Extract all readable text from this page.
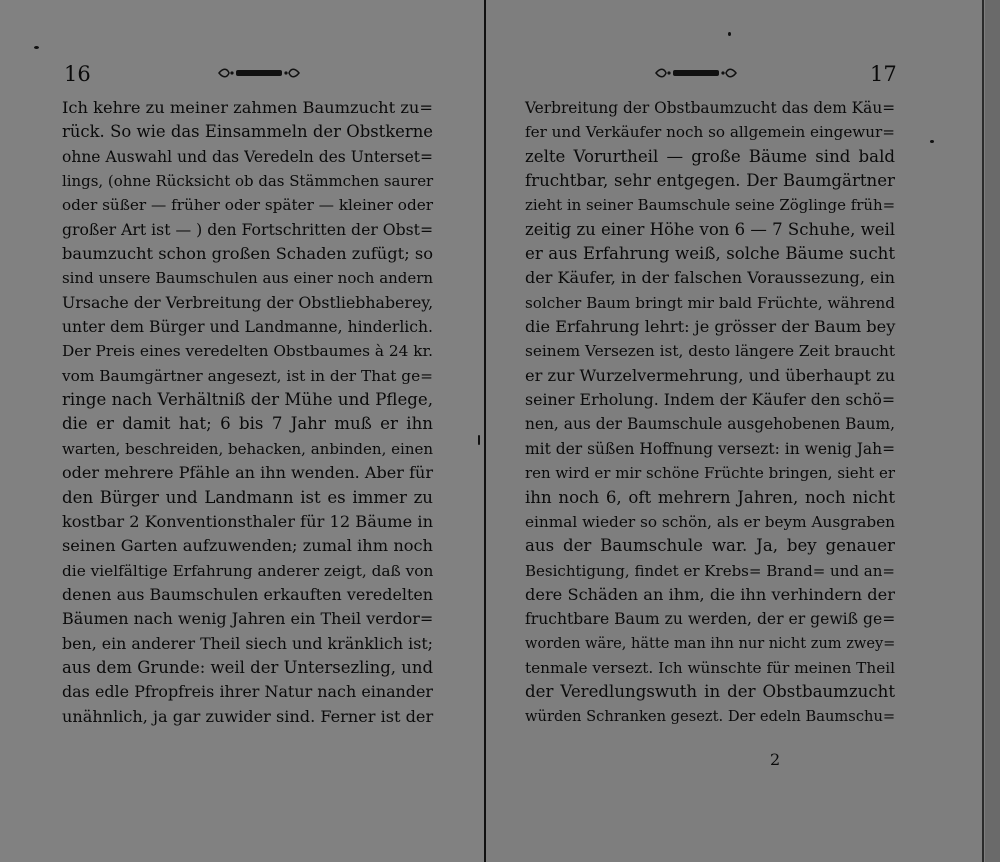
16	17
Ich kehre zu meiner zahmen Baumzucht zu=
rück. So wie das Einsammeln der Obstkerne
ohne Auswahl und das Veredeln des Unterset=
lings, (ohne Rücksicht ob das Stämmchen saurer
oder süßer — früher oder später — kleiner oder
großer Art ist — ) den Fortschritten der Obst=
baumzucht schon großen Schaden zufügt; so
sind unsere Baumschulen aus einer noch andern
Ursache der Verbreitung der Obstliebhaberey,
unter dem Bürger und Landmanne, hinderlich.
Der Preis eines veredelten Obstbaumes à 24 kr.
vom Baumgärtner angesezt, ist in der That ge=
ringe nach Verhältniß der Mühe und Pflege,
die er damit hat; 6 bis 7 Jahr muß er ihn
warten, beschreiden, behacken, anbinden, einen
oder mehrere Pfähle an ihn wenden. Aber für
den Bürger und Landmann ist es immer zu
kostbar 2 Konventionsthaler für 12 Bäume in
seinen Garten aufzuwenden; zumal ihm noch
die vielfältige Erfahrung anderer zeigt, daß von
denen aus Baumschulen erkauften veredelten
Bäumen nach wenig Jahren ein Theil verdor=
ben, ein anderer Theil siech und kränklich ist;
aus dem Grunde: weil der Untersezling, und
das edle Pfropfreis ihrer Natur nach einander
unähnlich, ja gar zuwider sind. Ferner ist der
Verbreitung der Obstbaumzucht das dem Käu=
fer und Verkäufer noch so allgemein eingewur=
zelte Vorurtheil — große Bäume sind bald
fruchtbar, sehr entgegen. Der Baumgärtner
zieht in seiner Baumschule seine Zöglinge früh=
zeitig zu einer Höhe von 6 — 7 Schuhe, weil
er aus Erfahrung weiß, solche Bäume sucht
der Käufer, in der falschen Voraussezung, ein
solcher Baum bringt mir bald Früchte, während
die Erfahrung lehrt: je grösser der Baum bey
seinem Versezen ist, desto längere Zeit braucht
er zur Wurzelvermehrung, und überhaupt zu
seiner Erholung. Indem der Käufer den schö=
nen, aus der Baumschule ausgehobenen Baum,
mit der süßen Hoffnung versezt: in wenig Jah=
ren wird er mir schöne Früchte bringen, sieht er
ihn noch 6, oft mehrern Jahren, noch nicht
einmal wieder so schön, als er beym Ausgraben
aus der Baumschule war. Ja, bey genauer
Besichtigung, findet er Krebs= Brand= und an=
dere Schäden an ihm, die ihn verhindern der
fruchtbare Baum zu werden, der er gewiß ge=
worden wäre, hätte man ihn nur nicht zum zwey=
tenmale versezt. Ich wünschte für meinen Theil
der Veredlungswuth in der Obstbaumzucht
würden Schranken gesezt. Der edeln Baumschu=
2
